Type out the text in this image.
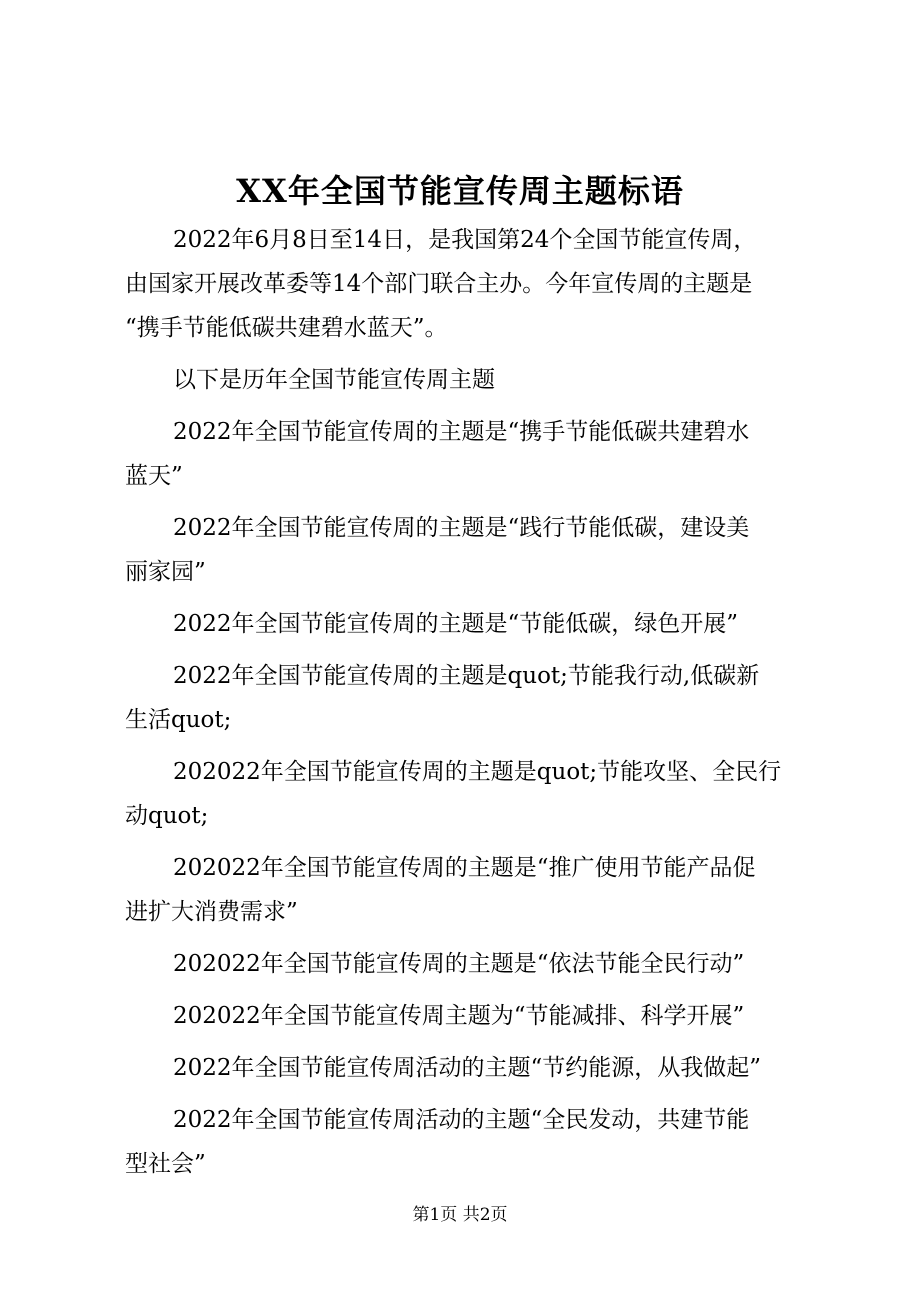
XX年全国节能宣传周主题标语
2022年6月8日至14日，是我国第24个全国节能宣传周，
由国家开展改革委等14个部门联合主办。今年宣传周的主题是
“携手节能低碳共建碧水蓝天”。
以下是历年全国节能宣传周主题
2022年全国节能宣传周的主题是“携手节能低碳共建碧水
蓝天”
2022年全国节能宣传周的主题是“践行节能低碳，建设美
丽家园”
2022年全国节能宣传周的主题是“节能低碳，绿色开展”
2022年全国节能宣传周的主题是quot;节能我行动,低碳新
生活quot;
202022年全国节能宣传周的主题是quot;节能攻坚、全民行
动quot;
202022年全国节能宣传周的主题是“推广使用节能产品促
进扩大消费需求”
202022年全国节能宣传周的主题是“依法节能全民行动”
202022年全国节能宣传周主题为“节能减排、科学开展”
2022年全国节能宣传周活动的主题“节约能源，从我做起”
2022年全国节能宣传周活动的主题“全民发动，共建节能
型社会”
第1页 共2页
